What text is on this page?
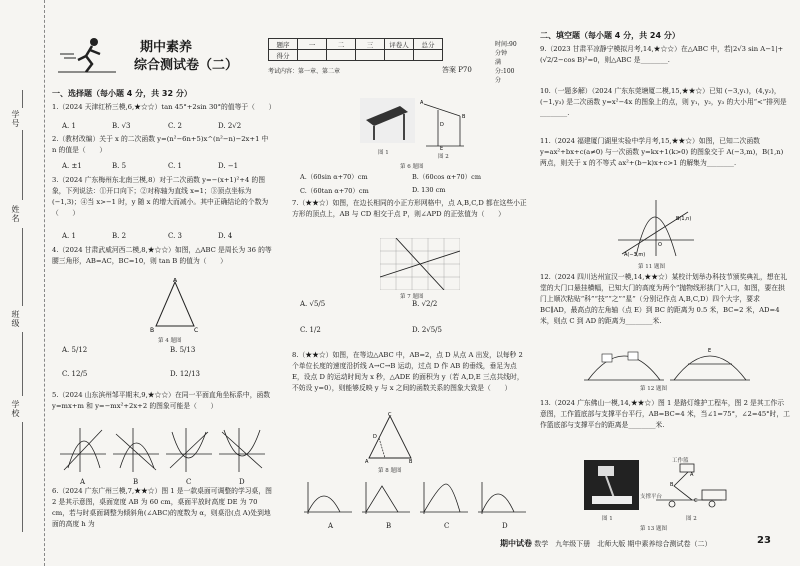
学号
姓名
班级
学校
期中素养
综合测试卷（二）
题序	一	二	三	评卷人	总分
得分					
时间:90分钟
满分:100分
考试内容：第一章、第二章	答案 P70
一、选择题（每小题 4 分，共 32 分）
1.（2024 天津红桥三模,6,★☆☆）tan 45°+2sin 30°的值等于（　　）
A. 1	B. √3	C. 2	D. 2√2
2.（教材改编）关于 x 的二次函数 y=(n²−6n+5)x^(n²−n)−2x+1 中 n 的值是（　　）
A. ±1	B. 5	C. 1	D. −1
3.（2024 广东梅州东北南三模,8）对于二次函数 y=−(x+1)²+4 的图象，下列说法：①开口向下；②对称轴为直线 x=1；③顶点坐标为(−1,3)；④当 x>−1 时，y 随 x 的增大而减小。其中正确结论的个数为（　　）
A. 1	B. 2	C. 3	D. 4
4.（2024 甘肃武威河西二模,8,★☆☆）如图，△ABC 是周长为 36 的等腰三角形，AB=AC，BC=10，则 tan B 的值为（　　）
A
B	C
第 4 题图
A. 5/12	B. 5/13
C. 12/5	D. 12/13
5.（2024 山东滨州邹平期末,9,★☆☆）在同一平面直角坐标系中，函数 y=mx+m 和 y=−mx²+2x+2 的图象可能是（　　）
A	B	C	D
6.（2024 广东广州三模,7,★★☆）图 1 是一款桌面可调整的学习桌，图 2 是其示意图，桌面宽度 AB 为 60 cm，桌面平放时高度 DE 为 70 cm，若与时桌面调整为倾斜角(∠ABC)的度数为 α，则桌沿(点 A)处到地面的高度 h 为
A
B
D
E
图 1
图 2
第 6 题图
A.（60sin α+70）cm	B.（60cos α+70）cm
C.（60tan α+70）cm	D. 130 cm
7.（★★☆）如图，在边长相同的小正方形网格中，点 A,B,C,D 都在这些小正方形的顶点上，AB 与 CD 相交于点 P，则∠APD 的正弦值为（　　）
第 7 题图
A. √5/5	B. √2/2
C. 1/2	D. 2√5/5
8.（★★☆）如图，在等边△ABC 中，AB=2，点 D 从点 A 出发，以每秒 2 个单位长度的速度沿折线 A→C→B 运动，过点 D 作 AB 的垂线，垂足为点 E，设点 D 的运动时间为 x 秒，△ADE 的面积为 y（若 A,D,E 三点共线时，不妨设 y=0），则能够反映 y 与 x 之间的函数关系的图象大致是（　　）
C
A	B
D
第 8 题图
A	B	C	D
二、填空题（每小题 4 分，共 24 分）
9.（2023 甘肃平凉静宁模拟月考,14,★☆☆）在△ABC 中，若|2√3 sin A−1|+(√2/2−cos B)²=0，则△ABC 是________.
10.（一题多解）（2024 广东东莞塘厦二模,15,★★☆）已知 (−3,y₁)，(4,y₂)，(−1,y₃) 是二次函数 y=x²−4x 的图象上的点，则 y₁，y₂，y₃ 的大小用“<”排列是________.
11.（2024 福建厦门湖里实验中学月考,15,★★☆）如图，已知二次函数 y=ax²+bx+c(a≠0) 与一次函数 y=kx+1(k>0) 的图象交于 A(−3,m)，B(1,n) 两点，则关于 x 的不等式 ax²+(b−k)x+c>1 的解集为________.
B(1,n)
A(−3,m)
O
第 11 题图
12.（2024 四川达州宣汉一模,14,★★☆）某校计划举办科技节颁奖典礼，想在礼堂的大门口悬挂横幅，已知大门的高度为两个“抛物线形拱门”入口，如图，要在拱门上顺次粘贴“科”“技”“之”“星”（分别记作点 A,B,C,D）四个大字，要求 BC∥AD，最高点的左角轴（点 E）到 BC 的距离为 0.5 米，BC=2 米，AD=4 米，则点 C 到 AD 的距离为________米.
E
第 12 题图
13.（2024 广东佛山一模,14,★★☆）图 1 是路灯维护工程车，图 2 是其工作示意图，工作篮底部与支撑平台平行，AB=BC=4 米，当∠1=75°，∠2=45°时，工作篮底部与支撑平台的距离是________米.
B
C
A
工作篮
支撑平台
图 1	图 2
第 13 题图
期中试卷 数学　九年级下册　北师大版 期中素养综合测试卷（二）	23
